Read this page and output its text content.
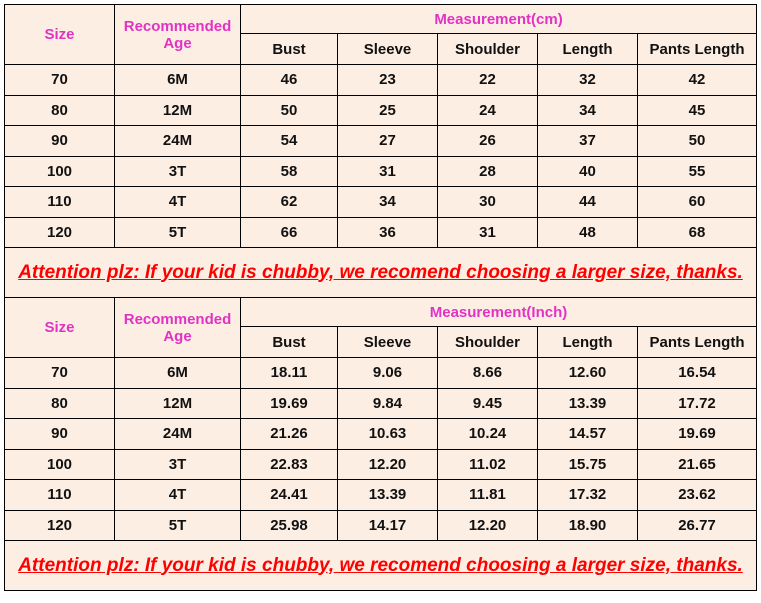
Size	Recommended Age	Measurement(cm)				
		Bust	Sleeve	Shoulder	Length	Pants Length
70	6M	46	23	22	32	42
80	12M	50	25	24	34	45
90	24M	54	27	26	37	50
100	3T	58	31	28	40	55
110	4T	62	34	30	44	60
120	5T	66	36	31	48	68
Attention plz: If your kid is chubby, we recomend choosing a larger size, thanks.						
Size	Recommended Age	Measurement(Inch)				
		Bust	Sleeve	Shoulder	Length	Pants Length
70	6M	18.11	9.06	8.66	12.60	16.54
80	12M	19.69	9.84	9.45	13.39	17.72
90	24M	21.26	10.63	10.24	14.57	19.69
100	3T	22.83	12.20	11.02	15.75	21.65
110	4T	24.41	13.39	11.81	17.32	23.62
120	5T	25.98	14.17	12.20	18.90	26.77
Attention plz: If your kid is chubby, we recomend choosing a larger size, thanks.						
